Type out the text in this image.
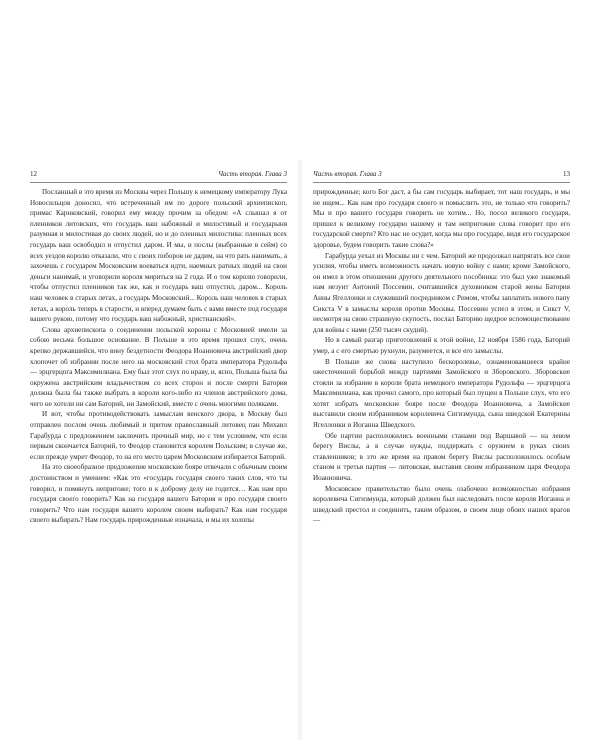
12	Часть вторая. Глава 3

Посланный в это время из Москвы через Польшу к немецкому императору Лука Новосильцов доносил, что встреченный им по дороге польский архиепископ, примас Карнковский, говорил ему между прочим за обедом: «А слышал я от пленников литовских, что государь ваш набожный и милостивый и государыня разумная и милостивая до своих людей, но и до пленных милостива: пленных всех государь ваш освободил и отпустил даром. И мы, и послы (выбранные в сейм) со всех уездов королю отказали, что с своих поборов не дадим, на что рать нанимать, а захочешь с государем Московским воеваться идти, наемных ратных людей на свои деньги нанимай, и уговорили короля мириться на 2 года. И о том королю говорили, чтобы отпустил пленников так же, как и государь ваш отпустил, даром... Король наш человек в старых летах, а государь Московский... Король наш человек в старых летах, а король теперь в старости, и вперед думаем быть с вами вместе под государя вашего рукою, потому что государь ваш набожный, христианский».

Слова архиепископа о соединении польской короны с Московией имели за собою весьма большое основание. В Польше в это время прошел слух, очень крепко державшийся, что вину бездетности Феодора Иоанновича австрийский двор хлопочет об избрании после него на московский стол брата императора Рудольфа — эрцгерцога Максимилиана. Ему был этот слух по нраву, и, ясно, Польша была бы окружена австрийским владычеством со всех сторон и после смерти Батория должна была бы также выбрать в короли кого-либо из членов австрийского дома, чего не хотели ни сам Баторий, ни Замойский, вместе с очень многими поляками.

И вот, чтобы противодействовать замыслам венского двора, в Москву был отправлен послом очень любимый и притом православный литовец пан Михаил Гарабурда с предложением заключить прочный мир, но с тем условием, что если первым скончается Баторий, то Феодор становится королем Польским; в случае же, если прежде умрет Феодор, то на его место царем Московским избирается Баторий.

На это своеобразное предложение московские бояре отвечали с обычным своим достоинством и умением: «Как это «государь государя своего таких слов, что ты говорил, и помянуть непригоже; того и к доброму делу не годится… Как нам про государя своего говорить? Как на государя вашего Батория и про государя своего говорить? Что нам государя вашего королем своим выбирать? Как нам государя своего выбирать? Нам государь прирожденные изначала, и мы их холопы

Часть вторая. Глава 3	13

прирожденные; кого Бог даст, а бы сам государь выбирает, тот наш государь, и мы не ищем... Как нам про государя своего и помыслить это, не только что говорить? Мы и про вашего государя говорить не хотим... Но, посол великого государя, пришел к великому государю нашему и там непригожие слова говорит про его государской смерти? Кто нас не осудит, когда мы про государе, видя его государское здоровье, будем говорить такие слова?»

Гарабурда уехал из Москвы ни с чем. Баторий же продолжал напрягать все свои усилия, чтобы иметь возможность начать новую войну с нами; кроме Замойского, он имел в этом отношении другого деятельного пособника: это был уже знакомый нам иезуит Антоний Поссевин, считавшийся духовником старой жены Батория Анны Ягеллонки и служивший посредником с Римом, чтобы заплатить нового папу Сикста V в замыслы короля против Москвы. Поссевин успел в этом, и Сикст V, несмотря на свою страшную скупость, послал Баторию щедрое вспомоществование для войны с нами (250 тысяч скудий).

Но в самый разгар приготовлений к этой войне, 12 ноября 1586 года, Баторий умер, а с его смертью рухнули, разумеется, и все его замыслы.

В Польше же снова наступило бескоролевье, ознаменовавшееся крайне ожесточенной борьбой между партиями Замойского и Зборовского. Зборовские стояли за избрание в короли брата немецкого императора Рудольфа — эрцгерцога Максимилиана, как прочил самого, про который был пущен в Польше слух, что его хотят избрать московские бояре после Феодора Иоанновича, а Замойские выставили своим избранником королевича Сигизмунда, сына шведской Екатерины Ягеллонки и Иоганна Шведского.

Обе партии расположились военными станами под Варшавой — на левом берегу Вислы, а в случае нужды, поддержать с оружием в руках своих ставленников; в это же время на правом берегу Вислы расположилось особым станом и третья партия — литовская, выставив своим избранником царя Феодора Иоанновича.

Московское правительство было очень озабочено возможностью избрания королевича Сигизмунда, который должен был наследовать после короля Иоганна и шведский престол и соединить, таким образом, в своем лице обоих наших врагов —
